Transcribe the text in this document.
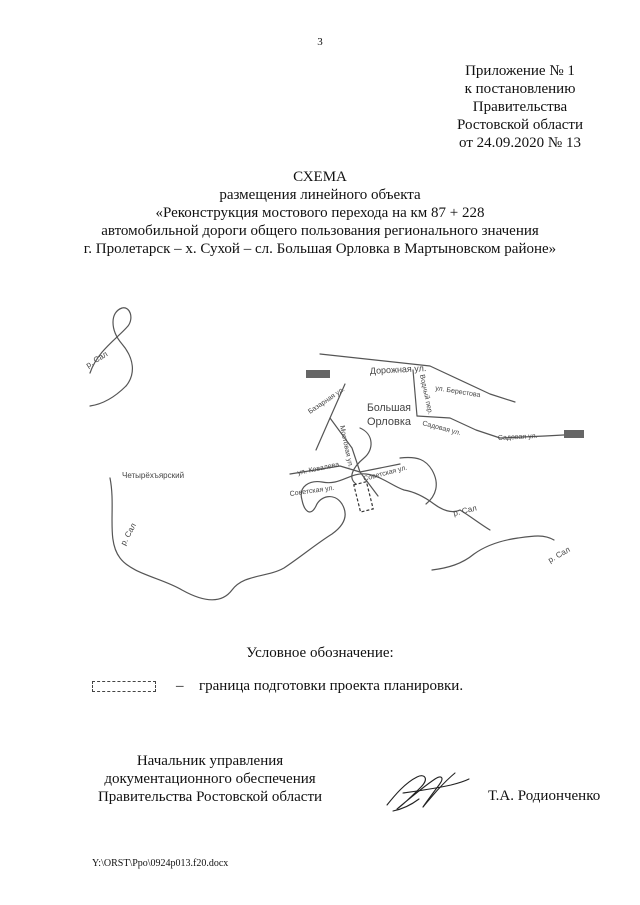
3
Приложение № 1
к постановлению
Правительства
Ростовской области
от 24.09.2020 № 13
СХЕМА
размещения линейного объекта
«Реконструкция мостового перехода на км 87 + 228
автомобильной дороги общего пользования регионального значения
г. Пролетарск – х. Сухой – сл. Большая Орловка в Мартыновском районе»
р. Сал
р. Сал
р. Сал
р. Сал
Дорожная ул.
Базарная ул.	Водный пер. ул. Берестова
Большая
Орловка Садовая ул.
Садовая ул.
Мостовая ул.
ул. Ковалева	Советская ул.
Советская ул.
Четырёхъярский
Условное обозначение:
– граница подготовки проекта планировки.
Начальник управления
документационного обеспечения
Правительства Ростовской области	Т.А. Родионченко
Y:\ORST\Ppo\0924p013.f20.docx
